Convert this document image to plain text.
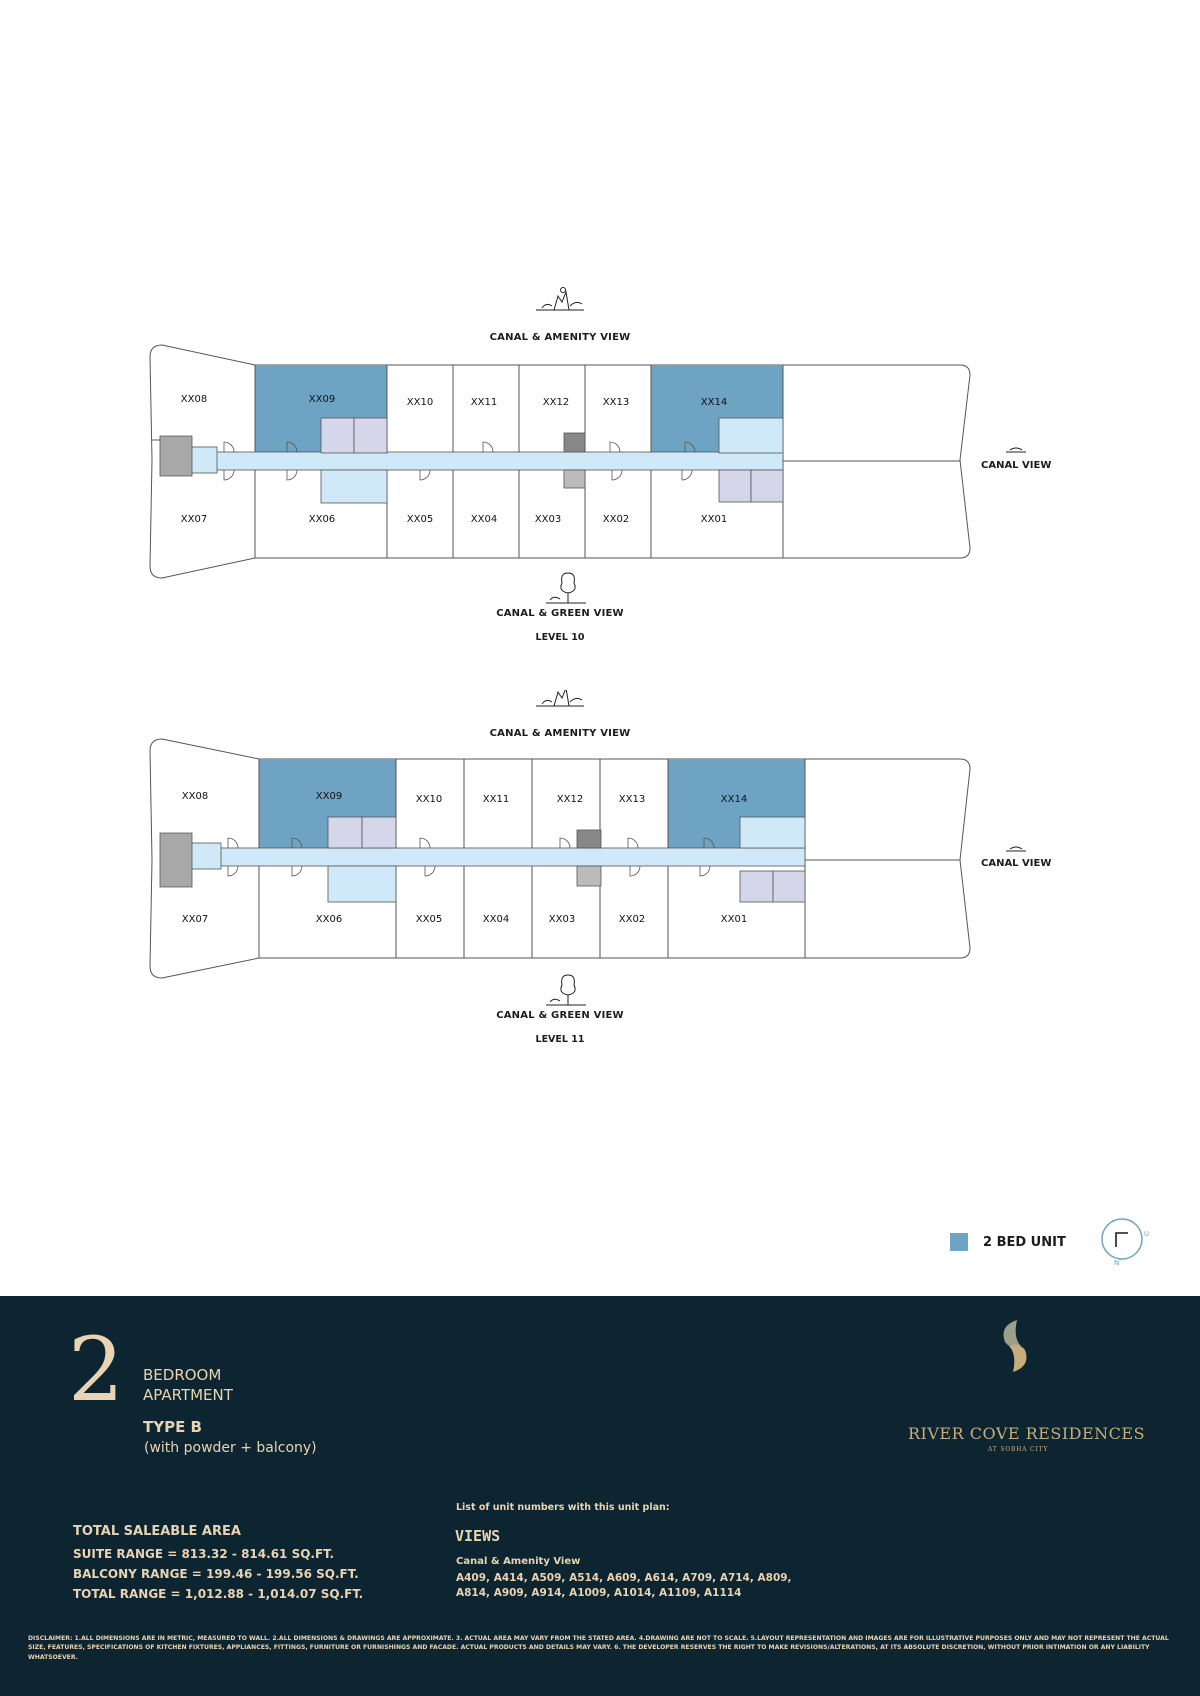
XX08	XX09	XX10	XX11	XX12	XX13	XX14
XX07	XX06	XX05	XX04	XX03	XX02	XX01
CANAL & AMENITY VIEW
CANAL VIEW
CANAL & GREEN VIEW
LEVEL 10
XX08	XX09	XX10	XX11	XX12	XX13	XX14
XX07	XX06	XX05	XX04	XX03	XX02	XX01
CANAL & AMENITY VIEW
CANAL VIEW
CANAL & GREEN VIEW
LEVEL 11
2 BED UNIT
U
N
2 BEDROOM
APARTMENT
TYPE B
(with powder + balcony)
TOTAL SALEABLE AREA
SUITE RANGE = 813.32 - 814.61 SQ.FT.
BALCONY RANGE = 199.46 - 199.56 SQ.FT.
TOTAL RANGE = 1,012.88 - 1,014.07 SQ.FT.
List of unit numbers with this unit plan:
VIEWS
Canal & Amenity View
A409, A414, A509, A514, A609, A614, A709, A714, A809,
A814, A909, A914, A1009, A1014, A1109, A1114
RIVER COVE RESIDENCES
AT SOBHA CITY
DISCLAIMER: 1.ALL DIMENSIONS ARE IN METRIC, MEASURED TO WALL. 2.ALL DIMENSIONS & DRAWINGS ARE APPROXIMATE. 3. ACTUAL AREA MAY VARY FROM THE STATED AREA. 4.DRAWING ARE NOT TO SCALE. 5.LAYOUT REPRESENTATION AND IMAGES ARE FOR ILLUSTRATIVE PURPOSES ONLY AND MAY NOT REPRESENT THE ACTUAL SIZE, FEATURES, SPECIFICATIONS OF KITCHEN FIXTURES, APPLIANCES, FITTINGS, FURNITURE OR FURNISHINGS AND FACADE. ACTUAL PRODUCTS AND DETAILS MAY VARY. 6. THE DEVELOPER RESERVES THE RIGHT TO MAKE REVISIONS/ALTERATIONS, AT ITS ABSOLUTE DISCRETION, WITHOUT PRIOR INTIMATION OR ANY LIABILITY WHATSOEVER.
